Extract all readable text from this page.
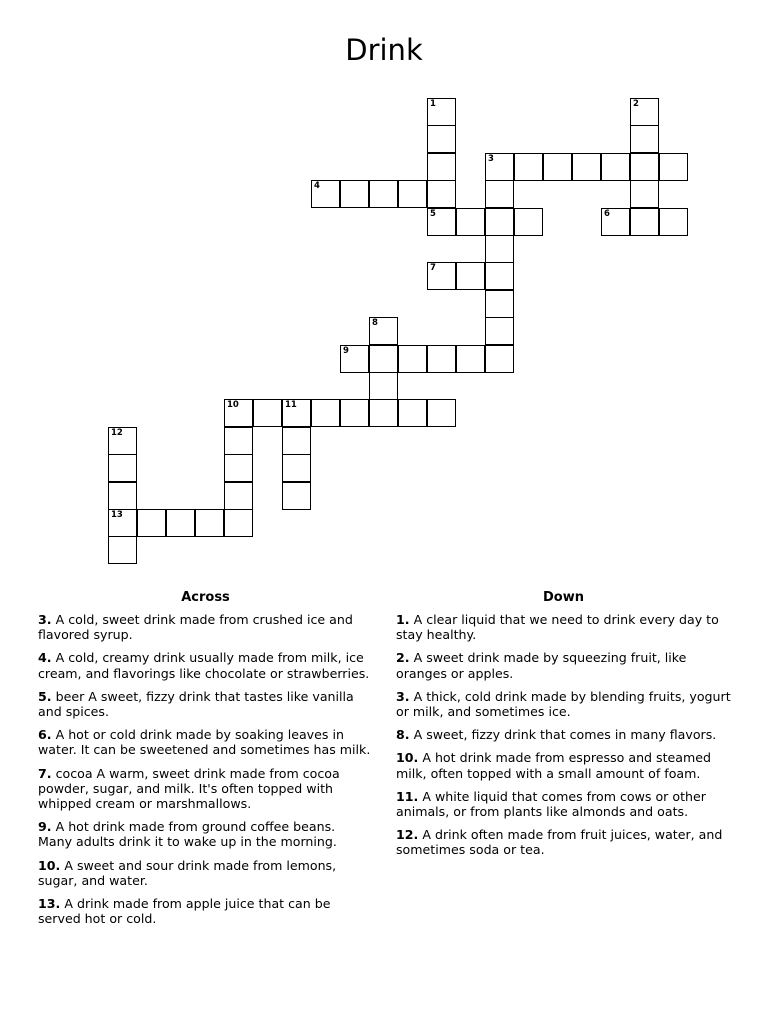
Drink
1	2
3
4
5	6
7
8
9
10	11
12
13
Across
3. A cold, sweet drink made from crushed ice and flavored syrup.
4. A cold, creamy drink usually made from milk, ice cream, and flavorings like chocolate or strawberries.
5. beer A sweet, fizzy drink that tastes like vanilla and spices.
6. A hot or cold drink made by soaking leaves in water. It can be sweetened and sometimes has milk.
7. cocoa A warm, sweet drink made from cocoa powder, sugar, and milk. It's often topped with whipped cream or marshmallows.
9. A hot drink made from ground coffee beans. Many adults drink it to wake up in the morning.
10. A sweet and sour drink made from lemons, sugar, and water.
13. A drink made from apple juice that can be served hot or cold.
Down
1. A clear liquid that we need to drink every day to stay healthy.
2. A sweet drink made by squeezing fruit, like oranges or apples.
3. A thick, cold drink made by blending fruits, yogurt or milk, and sometimes ice.
8. A sweet, fizzy drink that comes in many flavors.
10. A hot drink made from espresso and steamed milk, often topped with a small amount of foam.
11. A white liquid that comes from cows or other animals, or from plants like almonds and oats.
12. A drink often made from fruit juices, water, and sometimes soda or tea.
